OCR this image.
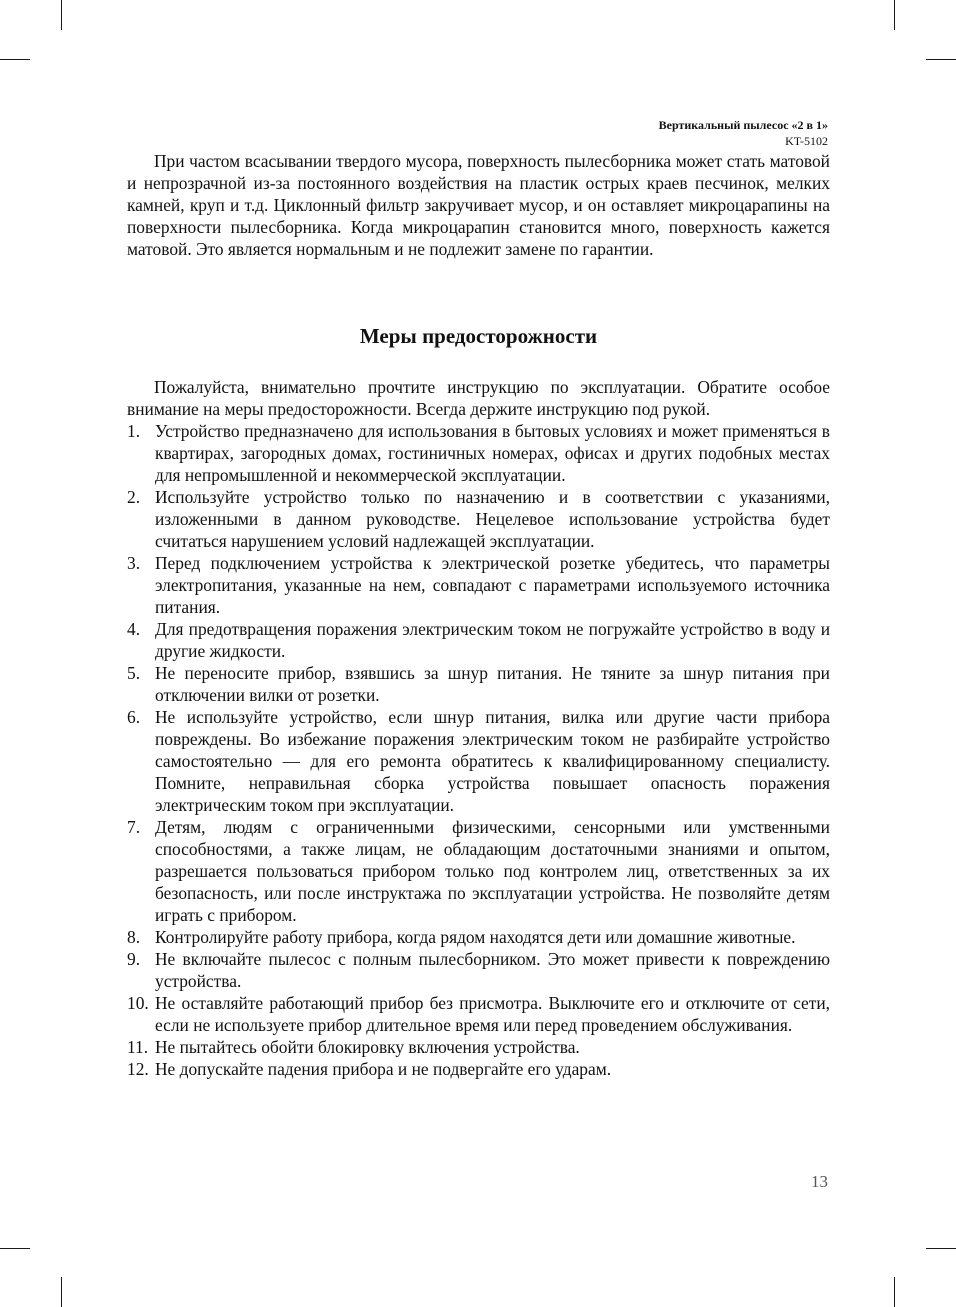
Вертикальный пылесос «2 в 1»
KT-5102

При частом всасывании твердого мусора, поверхность пылесборника может стать матовой и непрозрачной из-за постоянного воздействия на пластик острых краев песчинок, мелких камней, круп и т.д. Циклонный фильтр закручивает мусор, и он оставляет микроцарапины на поверхности пылесборника. Когда микроцарапин становится много, поверхность кажется матовой. Это является нормальным и не подлежит замене по гарантии.

Меры предосторожности

Пожалуйста, внимательно прочтите инструкцию по эксплуатации. Обратите особое внимание на меры предосторожности. Всегда держите инструкцию под рукой.

1. Устройство предназначено для использования в бытовых условиях и может применяться в квартирах, загородных домах, гостиничных номерах, офисах и других подобных местах для непромышленной и некоммерческой эксплуатации.
2. Используйте устройство только по назначению и в соответствии с указаниями, изложенными в данном руководстве. Нецелевое использование устройства будет считаться нарушением условий надлежащей эксплуатации.
3. Перед подключением устройства к электрической розетке убедитесь, что параметры электропитания, указанные на нем, совпадают с параметрами используемого источника питания.
4. Для предотвращения поражения электрическим током не погружайте устройство в воду и другие жидкости.
5. Не переносите прибор, взявшись за шнур питания. Не тяните за шнур питания при отключении вилки от розетки.
6. Не используйте устройство, если шнур питания, вилка или другие части прибора повреждены. Во избежание поражения электрическим током не разбирайте устройство самостоятельно — для его ремонта обратитесь к квалифицированному специалисту. Помните, неправильная сборка устройства повышает опасность поражения электрическим током при эксплуатации.
7. Детям, людям с ограниченными физическими, сенсорными или умственными способностями, а также лицам, не обладающим достаточными знаниями и опытом, разрешается пользоваться прибором только под контролем лиц, ответственных за их безопасность, или после инструктажа по эксплуатации устройства. Не позволяйте детям играть с прибором.
8. Контролируйте работу прибора, когда рядом находятся дети или домашние животные.
9. Не включайте пылесос с полным пылесборником. Это может привести к повреждению устройства.
10. Не оставляйте работающий прибор без присмотра. Выключите его и отключите от сети, если не используете прибор длительное время или перед проведением обслуживания.
11. Не пытайтесь обойти блокировку включения устройства.
12. Не допускайте падения прибора и не подвергайте его ударам.
13
